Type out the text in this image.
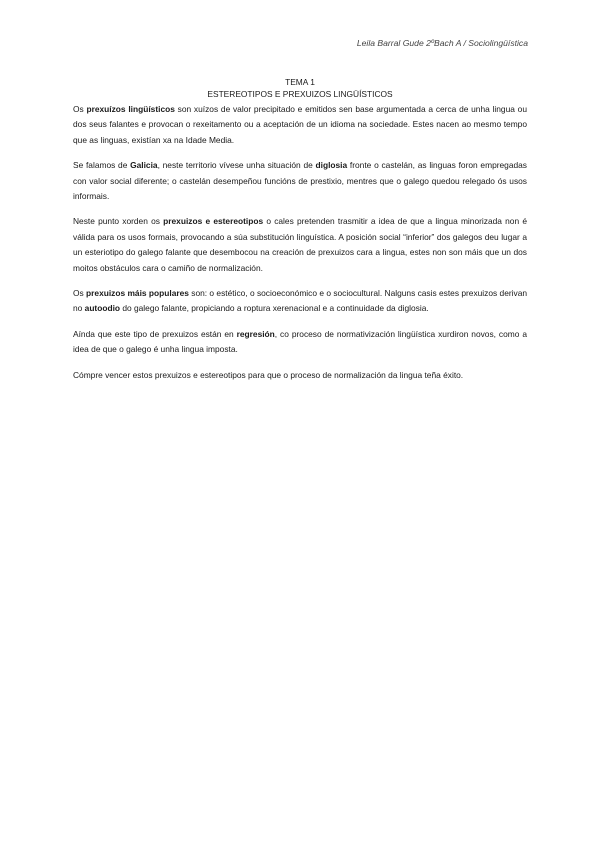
Leila Barral Gude 2ºBach A / Sociolingüística
TEMA 1
ESTEREOTIPOS E PREXUIZOS LINGÜÍSTICOS

Os prexuízos lingüísticos son xuízos de valor precipitado e emitidos sen base argumentada a cerca de unha lingua ou dos seus falantes e provocan o rexeitamento ou a aceptación de un idioma na sociedade. Estes nacen ao mesmo tempo que as linguas, existían xa na Idade Media.

Se falamos de Galicia, neste territorio vívese unha situación de diglosia fronte o castelán, as linguas foron empregadas con valor social diferente; o castelán desempeñou funcións de prestixio, mentres que o galego quedou relegado ós usos informais.

Neste punto xorden os prexuizos e estereotipos o cales pretenden trasmitir a idea de que a lingua minorizada non é válida para os usos formais, provocando a súa substitución linguística. A posición social “inferior” dos galegos deu lugar a un esteriotipo do galego falante que desembocou na creación de prexuizos cara a lingua, estes non son máis que un dos moitos obstáculos cara o camiño de normalización.

Os prexuizos máis populares son: o estético, o socioeconómico e o sociocultural. Nalguns casis estes prexuizos derivan no autoodio do galego falante, propiciando a roptura xerenacional e a continuidade da diglosia.

Aínda que este tipo de prexuizos están en regresión, co proceso de normativización lingüística xurdiron novos, como a idea de que o galego é unha lingua imposta.

Cómpre vencer estos prexuizos e estereotipos para que o proceso de normalización da lingua teña éxito.
